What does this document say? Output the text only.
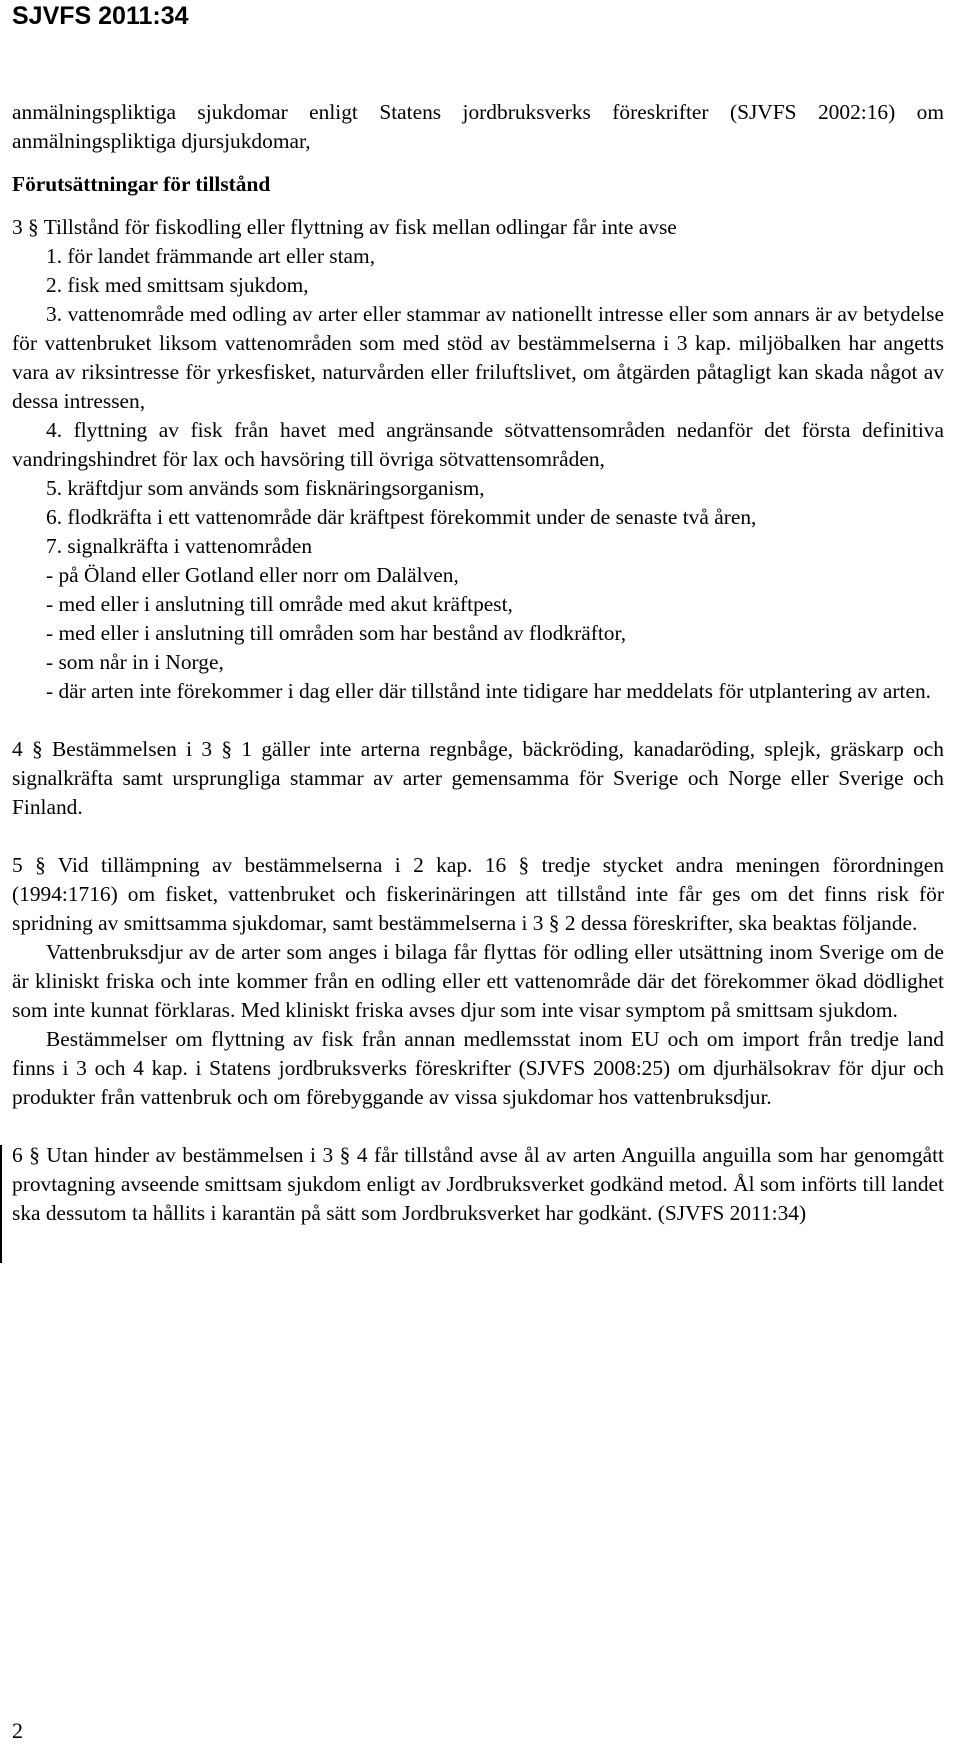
SJVFS 2011:34

anmälningspliktiga sjukdomar enligt Statens jordbruksverks föreskrifter (SJVFS 2002:16) om anmälningspliktiga djursjukdomar,

Förutsättningar för tillstånd

3 § Tillstånd för fiskodling eller flyttning av fisk mellan odlingar får inte avse

1. för landet främmande art eller stam,

2. fisk med smittsam sjukdom,

3. vattenområde med odling av arter eller stammar av nationellt intresse eller som annars är av betydelse för vattenbruket liksom vattenområden som med stöd av bestämmelserna i 3 kap. miljöbalken har angetts vara av riksintresse för yrkesfisket, naturvården eller friluftslivet, om åtgärden påtagligt kan skada något av dessa intressen,

4. flyttning av fisk från havet med angränsande sötvattensområden nedanför det första definitiva vandringshindret för lax och havsöring till övriga sötvattensområden,

5. kräftdjur som används som fisknäringsorganism,

6. flodkräfta i ett vattenområde där kräftpest förekommit under de senaste två åren,

7. signalkräfta i vattenområden

- på Öland eller Gotland eller norr om Dalälven,

- med eller i anslutning till område med akut kräftpest,

- med eller i anslutning till områden som har bestånd av flodkräftor,

- som når in i Norge,

- där arten inte förekommer i dag eller där tillstånd inte tidigare har meddelats för utplantering av arten.

4 § Bestämmelsen i 3 § 1 gäller inte arterna regnbåge, bäckröding, kanadaröding, splejk, gräskarp och signalkräfta samt ursprungliga stammar av arter gemensamma för Sverige och Norge eller Sverige och Finland.

5 § Vid tillämpning av bestämmelserna i 2 kap. 16 § tredje stycket andra meningen förordningen (1994:1716) om fisket, vattenbruket och fiskerinäringen att tillstånd inte får ges om det finns risk för spridning av smittsamma sjukdomar, samt bestämmelserna i 3 § 2 dessa föreskrifter, ska beaktas följande.

Vattenbruksdjur av de arter som anges i bilaga får flyttas för odling eller utsättning inom Sverige om de är kliniskt friska och inte kommer från en odling eller ett vattenområde där det förekommer ökad dödlighet som inte kunnat förklaras. Med kliniskt friska avses djur som inte visar symptom på smittsam sjukdom.

Bestämmelser om flyttning av fisk från annan medlemsstat inom EU och om import från tredje land finns i 3 och 4 kap. i Statens jordbruksverks föreskrifter (SJVFS 2008:25) om djurhälsokrav för djur och produkter från vattenbruk och om förebyggande av vissa sjukdomar hos vattenbruksdjur.

6 § Utan hinder av bestämmelsen i 3 § 4 får tillstånd avse ål av arten Anguilla anguilla som har genomgått provtagning avseende smittsam sjukdom enligt av Jordbruksverket godkänd metod. Ål som införts till landet ska dessutom ta hållits i karantän på sätt som Jordbruksverket har godkänt. (SJVFS 2011:34)

2
